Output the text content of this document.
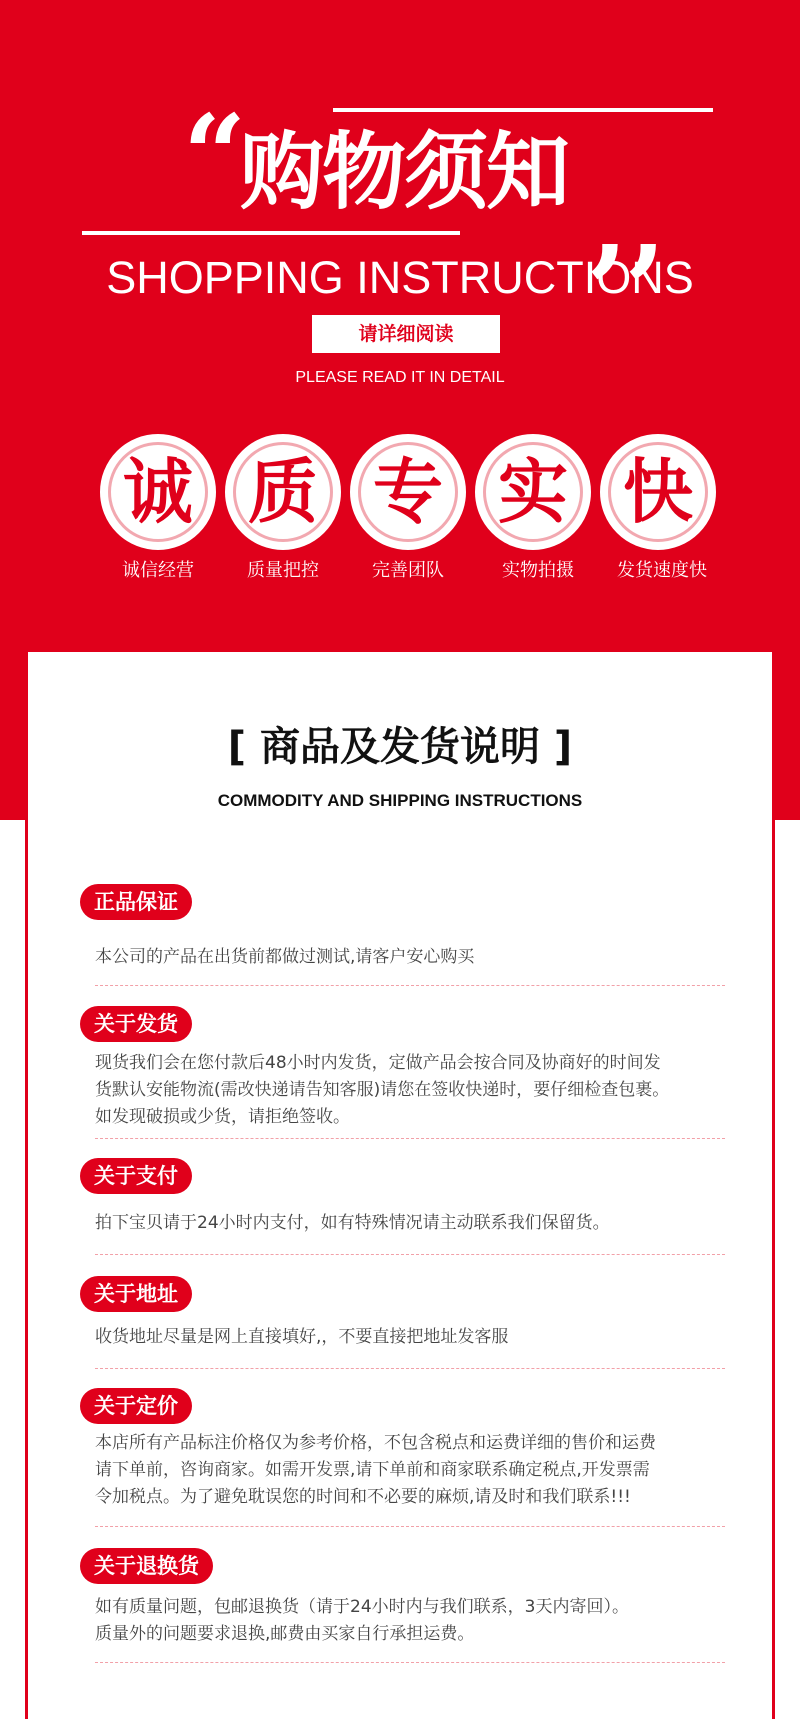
“
购物须知 ,,
SHOPPING INSTRUCTIONS
请详细阅读
PLEASE READ IT IN DETAIL
诚 质 专 实 快
诚信经营	质量把控	完善团队	实物拍摄	发货速度快
[ 商品及发货说明 ]
COMMODITY AND SHIPPING INSTRUCTIONS
正品保证
本公司的产品在出货前都做过测试,请客户安心购买
关于发货
现货我们会在您付款后48小时内发货，定做产品会按合同及协商好的时间发
货默认安能物流(需改快递请告知客服)请您在签收快递时，要仔细检查包裹。
如发现破损或少货，请拒绝签收。
关于支付
拍下宝贝请于24小时内支付，如有特殊情况请主动联系我们保留货。
关于地址
收货地址尽量是网上直接填好,，不要直接把地址发客服
关于定价
本店所有产品标注价格仅为参考价格，不包含税点和运费详细的售价和运费
请下单前，咨询商家。如需开发票,请下单前和商家联系确定税点,开发票需
令加税点。为了避免耽误您的时间和不必要的麻烦,请及时和我们联系!!!
关于退换货
如有质量问题，包邮退换货（请于24小时内与我们联系，3天内寄回）。
质量外的问题要求退换,邮费由买家自行承担运费。
